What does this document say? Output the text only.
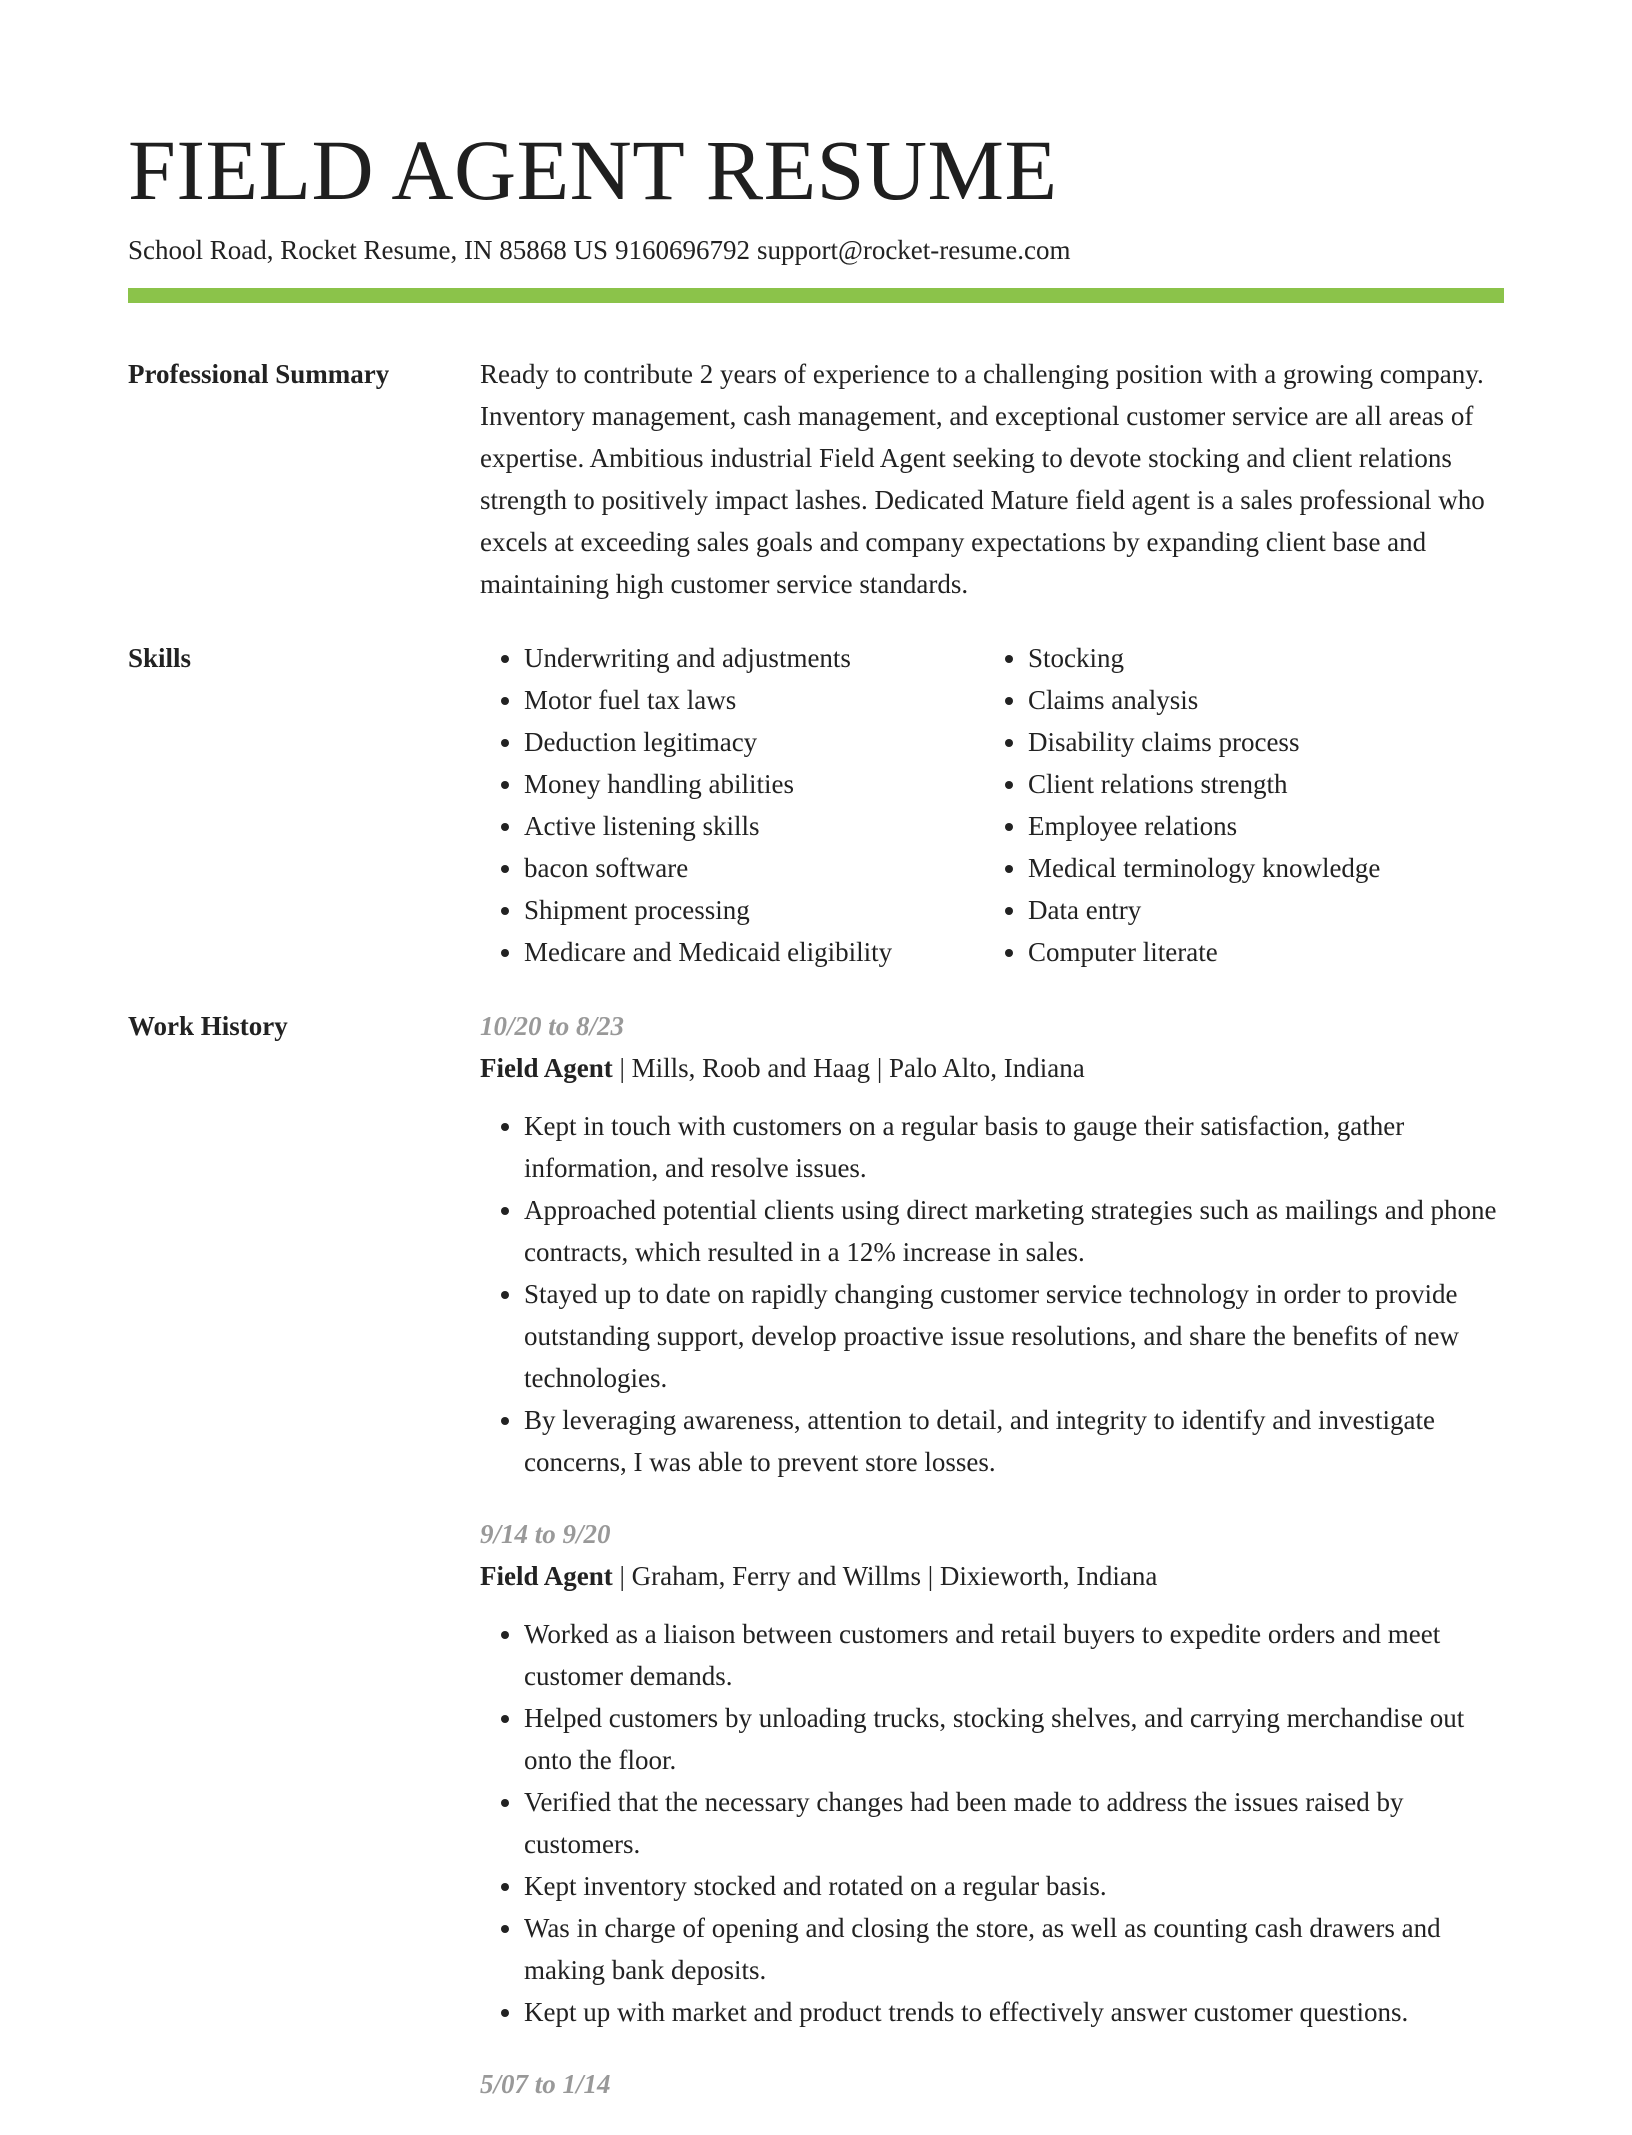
FIELD AGENT RESUME
School Road, Rocket Resume, IN 85868 US 9160696792 support@rocket-resume.com
Professional Summary	Ready to contribute 2 years of experience to a challenging position with a growing company. Inventory management, cash management, and exceptional customer service are all areas of expertise. Ambitious industrial Field Agent seeking to devote stocking and client relations strength to positively impact lashes. Dedicated Mature field agent is a sales professional who excels at exceeding sales goals and company expectations by expanding client base and maintaining high customer service standards.

Skills
•	Underwriting and adjustments
• Motor fuel tax laws
• Deduction legitimacy
• Money handling abilities
• Active listening skills
• bacon software
• Shipment processing
• Medicare and Medicaid eligibility
• Stocking
• Claims analysis
• Disability claims process
• Client relations strength
• Employee relations
• Medical terminology knowledge
• Data entry
• Computer literate
Work History	10/20 to 8/23
Field Agent | Mills, Roob and Haag | Palo Alto, Indiana
• Kept in touch with customers on a regular basis to gauge their satisfaction, gather information, and resolve issues.
• Approached potential clients using direct marketing strategies such as mailings and phone contracts, which resulted in a 12% increase in sales.
• Stayed up to date on rapidly changing customer service technology in order to provide outstanding support, develop proactive issue resolutions, and share the benefits of new technologies.
• By leveraging awareness, attention to detail, and integrity to identify and investigate concerns, I was able to prevent store losses.
9/14 to 9/20
Field Agent | Graham, Ferry and Willms | Dixieworth, Indiana
• Worked as a liaison between customers and retail buyers to expedite orders and meet customer demands.
• Helped customers by unloading trucks, stocking shelves, and carrying merchandise out onto the floor.
• Verified that the necessary changes had been made to address the issues raised by customers.
• Kept inventory stocked and rotated on a regular basis.
• Was in charge of opening and closing the store, as well as counting cash drawers and making bank deposits.
• Kept up with market and product trends to effectively answer customer questions.
5/07 to 1/14
